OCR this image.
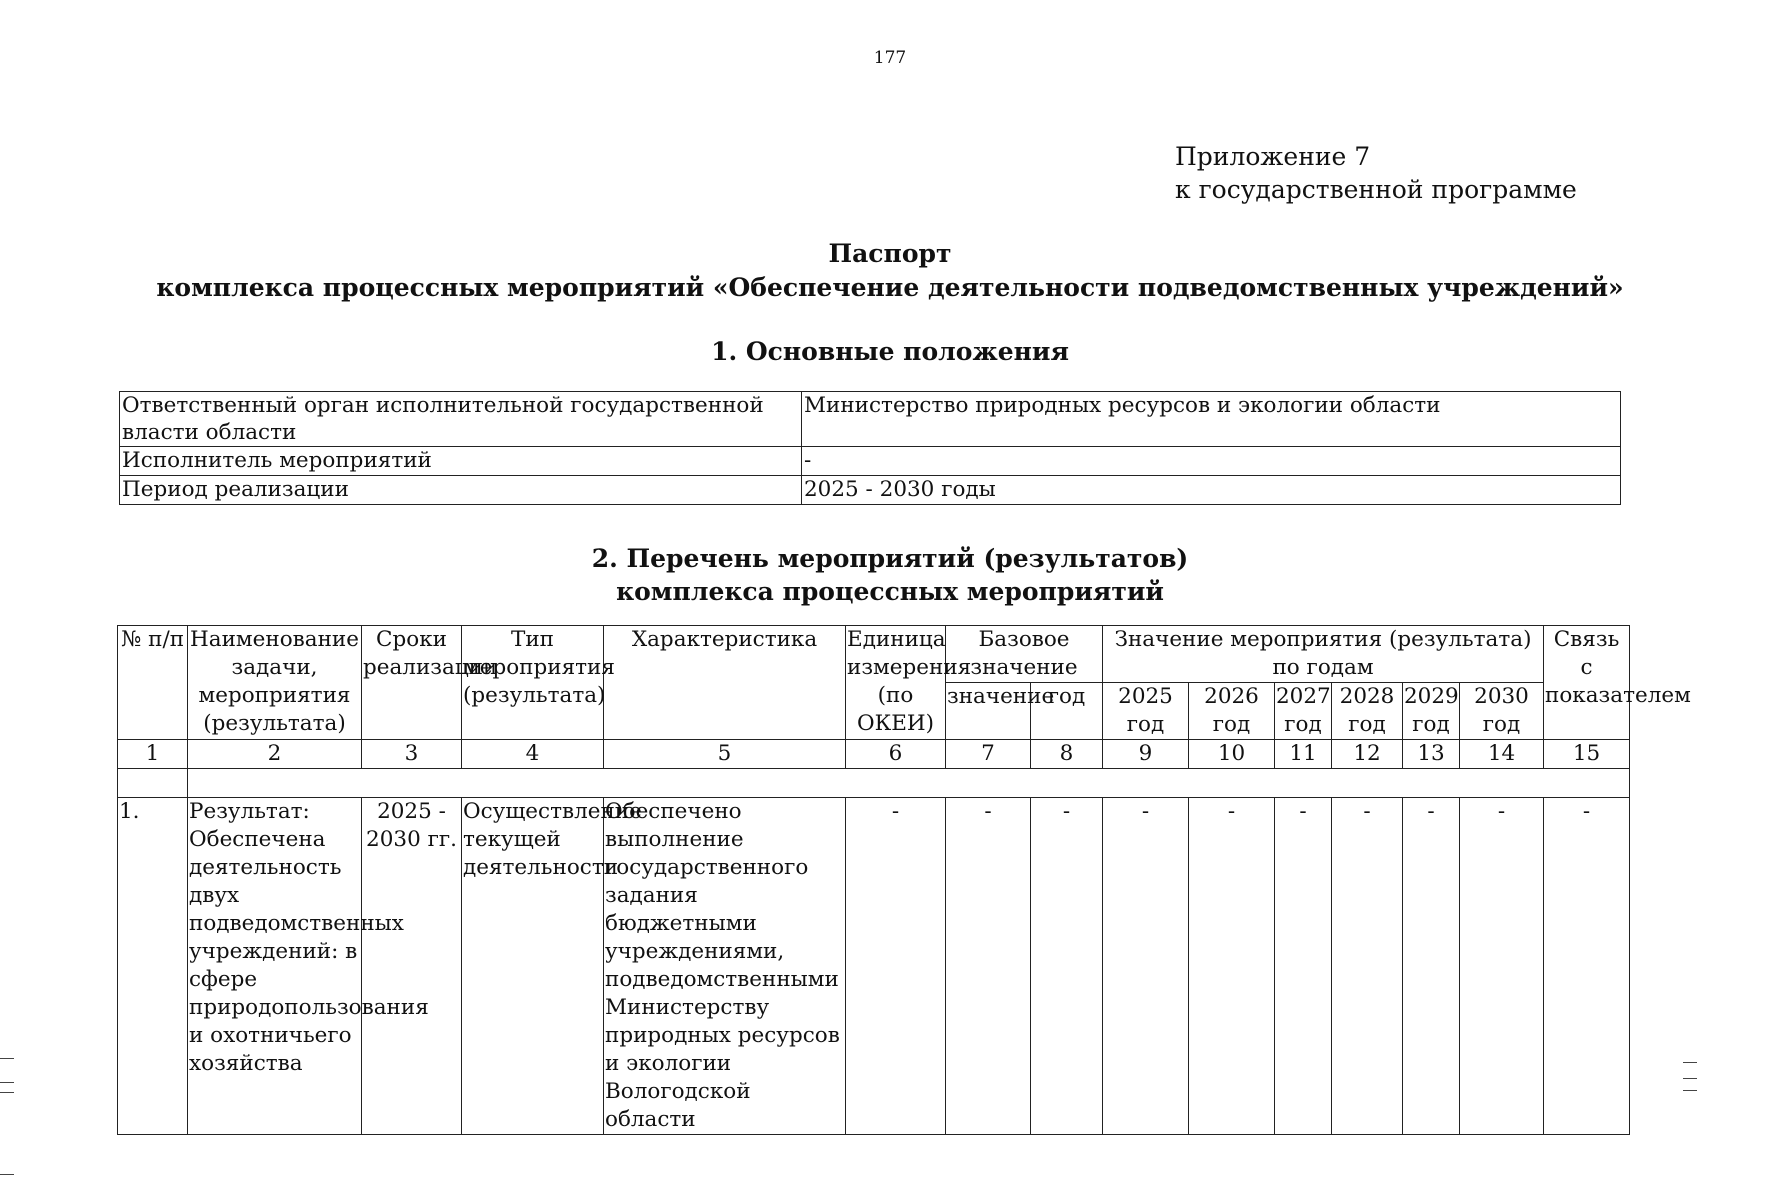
177
Приложение 7
к государственной программе
Паспорт
комплекса процессных мероприятий «Обеспечение деятельности подведомственных учреждений»
1. Основные положения
Ответственный орган исполнительной государственной власти области	Министерство природных ресурсов и экологии области
Исполнитель мероприятий	-
Период реализации	2025 - 2030 годы
2. Перечень мероприятий (результатов)
комплекса процессных мероприятий
№ п/п	Наименование задачи, мероприятия (результата)	Сроки реализации	Тип мероприятия (результата)	Характеристика	Единица измерения (по ОКЕИ)	Базовое значение		Значение мероприятия (результата) по годам						Связь с показателем
						значение	год	2025 год	2026 год	2027 год	2028 год	2029 год	2030 год	
1	2	3	4	5	6	7	8	9	10	11	12	13	14	15

1.	Результат: Обеспечена деятельность двух подведомственных учреждений: в сфере природопользования и охотничьего хозяйства	2025 - 2030 гг.	Осуществление текущей деятельности	Обеспечено выполнение государственного задания бюджетными учреждениями, подведомственными Министерству природных ресурсов и экологии Вологодской области	-	-	-	-	-	-	-	-	-	-
